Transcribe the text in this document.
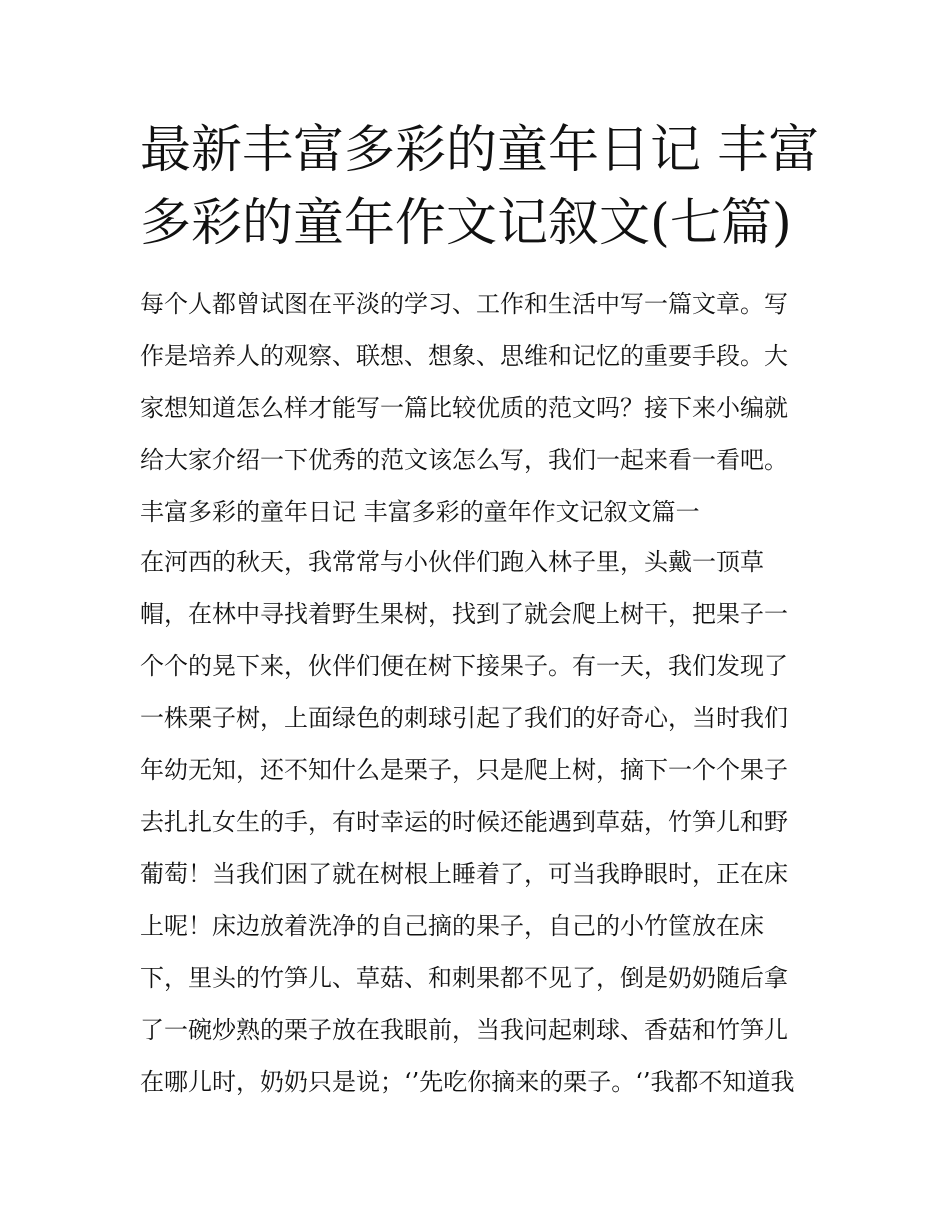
最新丰富多彩的童年日记 丰富
多彩的童年作文记叙文(七篇)
每个人都曾试图在平淡的学习、工作和生活中写一篇文章。写
作是培养人的观察、联想、想象、思维和记忆的重要手段。大
家想知道怎么样才能写一篇比较优质的范文吗？接下来小编就
给大家介绍一下优秀的范文该怎么写，我们一起来看一看吧。
丰富多彩的童年日记 丰富多彩的童年作文记叙文篇一
在河西的秋天，我常常与小伙伴们跑入林子里，头戴一顶草
帽，在林中寻找着野生果树，找到了就会爬上树干，把果子一
个个的晃下来，伙伴们便在树下接果子。有一天，我们发现了
一株栗子树，上面绿色的刺球引起了我们的好奇心，当时我们
年幼无知，还不知什么是栗子，只是爬上树，摘下一个个果子
去扎扎女生的手，有时幸运的时候还能遇到草菇，竹笋儿和野
葡萄！当我们困了就在树根上睡着了，可当我睁眼时，正在床
上呢！床边放着洗净的自己摘的果子，自己的小竹筐放在床
下，里头的竹笋儿、草菇、和刺果都不见了，倒是奶奶随后拿
了一碗炒熟的栗子放在我眼前，当我问起刺球、香菇和竹笋儿
在哪儿时，奶奶只是说；‘’先吃你摘来的栗子。‘’我都不知道我
